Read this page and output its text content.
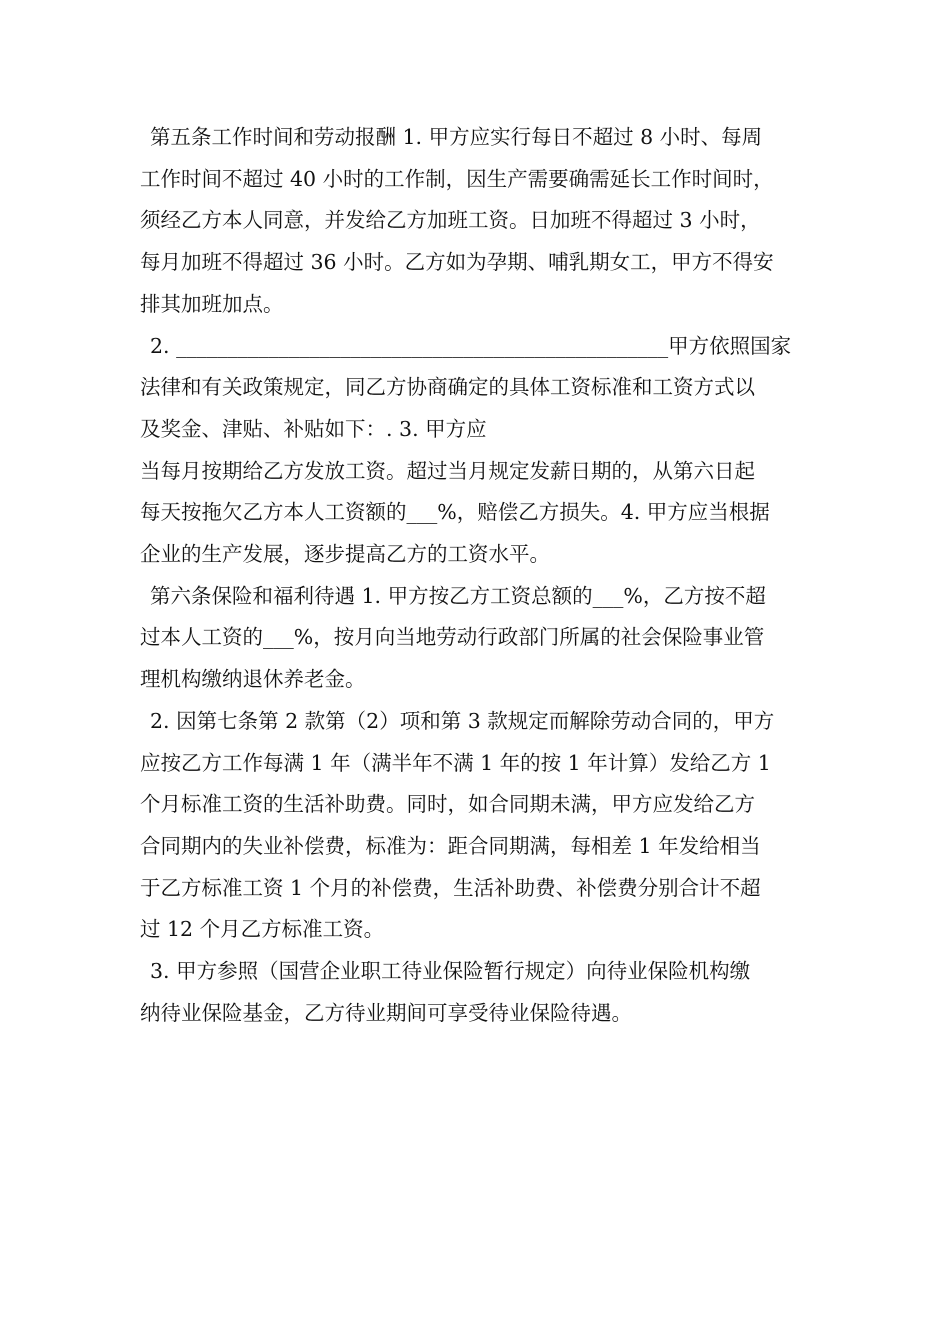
第五条工作时间和劳动报酬 1. 甲方应实行每日不超过 8 小时、每周
工作时间不超过 40 小时的工作制，因生产需要确需延长工作时间时，
须经乙方本人同意，并发给乙方加班工资。日加班不得超过 3 小时，
每月加班不得超过 36 小时。乙方如为孕期、哺乳期女工，甲方不得安
排其加班加点。

2. ________________________________________________甲方依照国家
法律和有关政策规定，同乙方协商确定的具体工资标准和工资方式以
及奖金、津贴、补贴如下：. 3. 甲方应

当每月按期给乙方发放工资。超过当月规定发薪日期的，从第六日起
每天按拖欠乙方本人工资额的___%，赔偿乙方损失。4. 甲方应当根据
企业的生产发展，逐步提高乙方的工资水平。

第六条保险和福利待遇 1. 甲方按乙方工资总额的___%，乙方按不超
过本人工资的___%，按月向当地劳动行政部门所属的社会保险事业管
理机构缴纳退休养老金。

2. 因第七条第 2 款第（2）项和第 3 款规定而解除劳动合同的，甲方
应按乙方工作每满 1 年（满半年不满 1 年的按 1 年计算）发给乙方 1
个月标准工资的生活补助费。同时，如合同期未满，甲方应发给乙方
合同期内的失业补偿费，标准为：距合同期满，每相差 1 年发给相当
于乙方标准工资 1 个月的补偿费，生活补助费、补偿费分别合计不超
过 12 个月乙方标准工资。

3. 甲方参照（国营企业职工待业保险暂行规定）向待业保险机构缴
纳待业保险基金，乙方待业期间可享受待业保险待遇。
